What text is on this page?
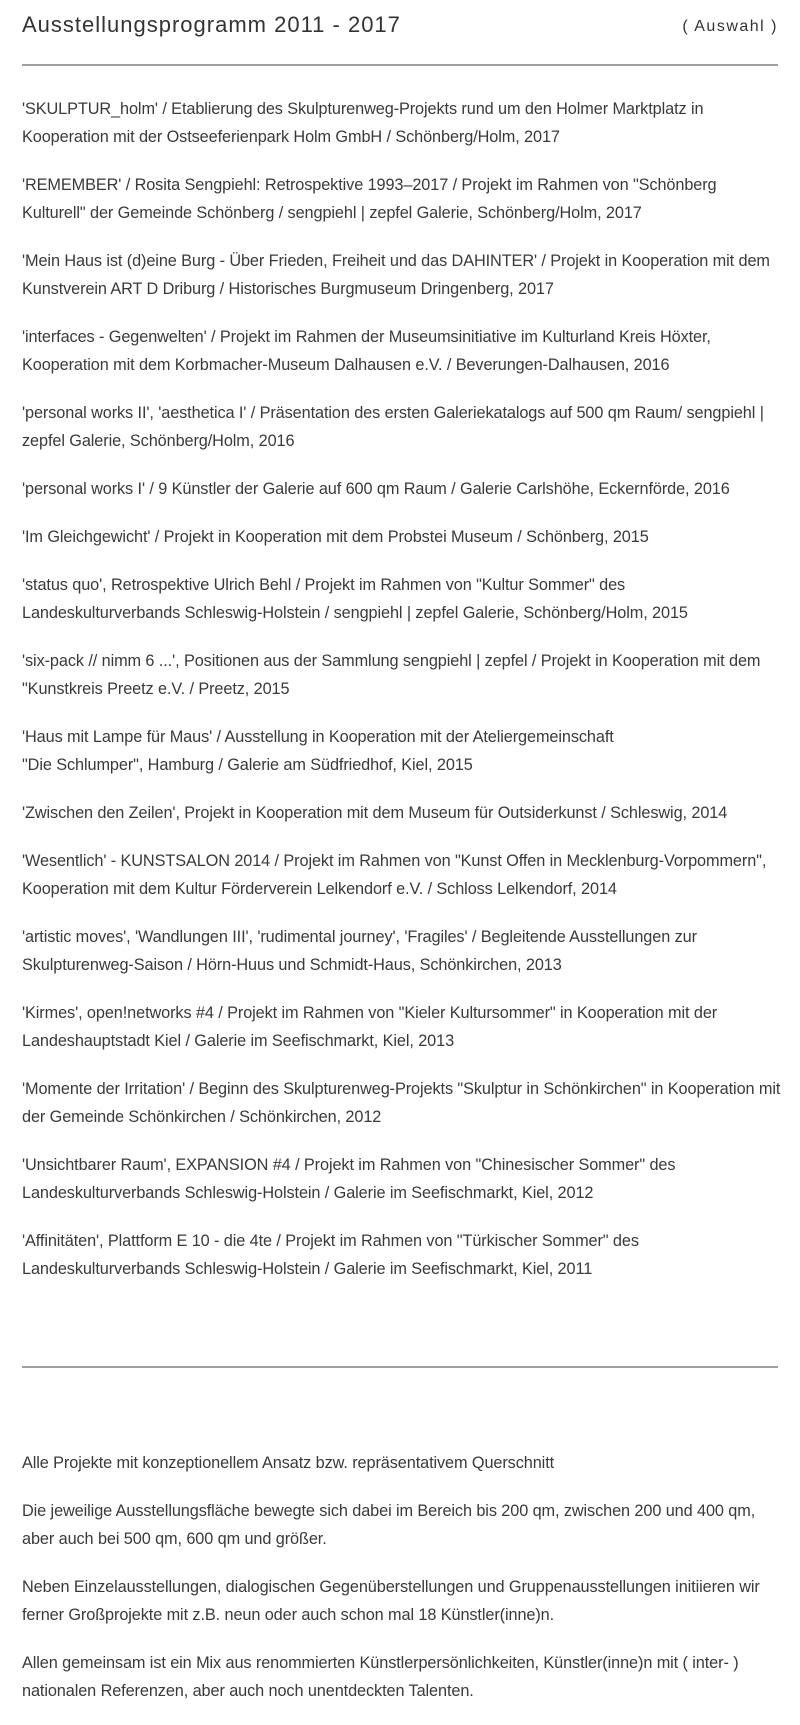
Ausstellungsprogramm 2011 - 2017	( Auswahl )
'SKULPTUR_holm' / Etablierung des Skulpturenweg-Projekts rund um den Holmer Marktplatz in Kooperation mit der Ostseeferienpark Holm GmbH / Schönberg/Holm, 2017
'REMEMBER' / Rosita Sengpiehl: Retrospektive 1993–2017 / Projekt im Rahmen von "Schönberg Kulturell" der Gemeinde Schönberg / sengpiehl | zepfel Galerie, Schönberg/Holm, 2017
'Mein Haus ist (d)eine Burg - Über Frieden, Freiheit und das DAHINTER' / Projekt in Kooperation mit dem Kunstverein ART D Driburg / Historisches Burgmuseum Dringenberg, 2017
'interfaces - Gegenwelten' / Projekt im Rahmen der Museumsinitiative im Kulturland Kreis Höxter, Kooperation mit dem Korbmacher-Museum Dalhausen e.V. / Beverungen-Dalhausen, 2016
'personal works II', 'aesthetica I' / Präsentation des ersten Galeriekatalogs auf 500 qm Raum/ sengpiehl | zepfel Galerie, Schönberg/Holm, 2016
'personal works I' / 9 Künstler der Galerie auf 600 qm Raum / Galerie Carlshöhe, Eckernförde, 2016
'Im Gleichgewicht' / Projekt in Kooperation mit dem Probstei Museum / Schönberg, 2015
'status quo', Retrospektive Ulrich Behl / Projekt im Rahmen von "Kultur Sommer" des Landeskulturverbands Schleswig-Holstein / sengpiehl | zepfel Galerie, Schönberg/Holm, 2015
'six-pack // nimm 6 ...', Positionen aus der Sammlung sengpiehl | zepfel / Projekt in Kooperation mit dem "Kunstkreis Preetz e.V. / Preetz, 2015
'Haus mit Lampe für Maus' / Ausstellung in Kooperation mit der Ateliergemeinschaft
"Die Schlumper", Hamburg / Galerie am Südfriedhof, Kiel, 2015
'Zwischen den Zeilen', Projekt in Kooperation mit dem Museum für Outsiderkunst / Schleswig, 2014
'Wesentlich' - KUNSTSALON 2014 / Projekt im Rahmen von "Kunst Offen in Mecklenburg-Vorpommern", Kooperation mit dem Kultur Förderverein Lelkendorf e.V. / Schloss Lelkendorf, 2014
'artistic moves', 'Wandlungen III', 'rudimental journey', 'Fragiles' / Begleitende Ausstellungen zur Skulpturenweg-Saison / Hörn-Huus und Schmidt-Haus, Schönkirchen, 2013
'Kirmes', open!networks #4 / Projekt im Rahmen von "Kieler Kultursommer" in Kooperation mit der Landeshauptstadt Kiel / Galerie im Seefischmarkt, Kiel, 2013
'Momente der Irritation' / Beginn des Skulpturenweg-Projekts "Skulptur in Schönkirchen" in Kooperation mit der Gemeinde Schönkirchen / Schönkirchen, 2012
'Unsichtbarer Raum', EXPANSION #4 / Projekt im Rahmen von "Chinesischer Sommer" des Landeskulturverbands Schleswig-Holstein / Galerie im Seefischmarkt, Kiel, 2012
'Affinitäten', Plattform E 10 - die 4te / Projekt im Rahmen von "Türkischer Sommer" des Landeskulturverbands Schleswig-Holstein / Galerie im Seefischmarkt, Kiel, 2011

Alle Projekte mit konzeptionellem Ansatz bzw. repräsentativem Querschnitt

Die jeweilige Ausstellungsfläche bewegte sich dabei im Bereich bis 200 qm, zwischen 200 und 400 qm, aber auch bei 500 qm, 600 qm und größer.

Neben Einzelausstellungen, dialogischen Gegenüberstellungen und Gruppenausstellungen initiieren wir ferner Großprojekte mit z.B. neun oder auch schon mal 18 Künstler(inne)n.

Allen gemeinsam ist ein Mix aus renommierten Künstlerpersönlichkeiten, Künstler(inne)n mit ( inter- ) nationalen Referenzen, aber auch noch unentdeckten Talenten.
